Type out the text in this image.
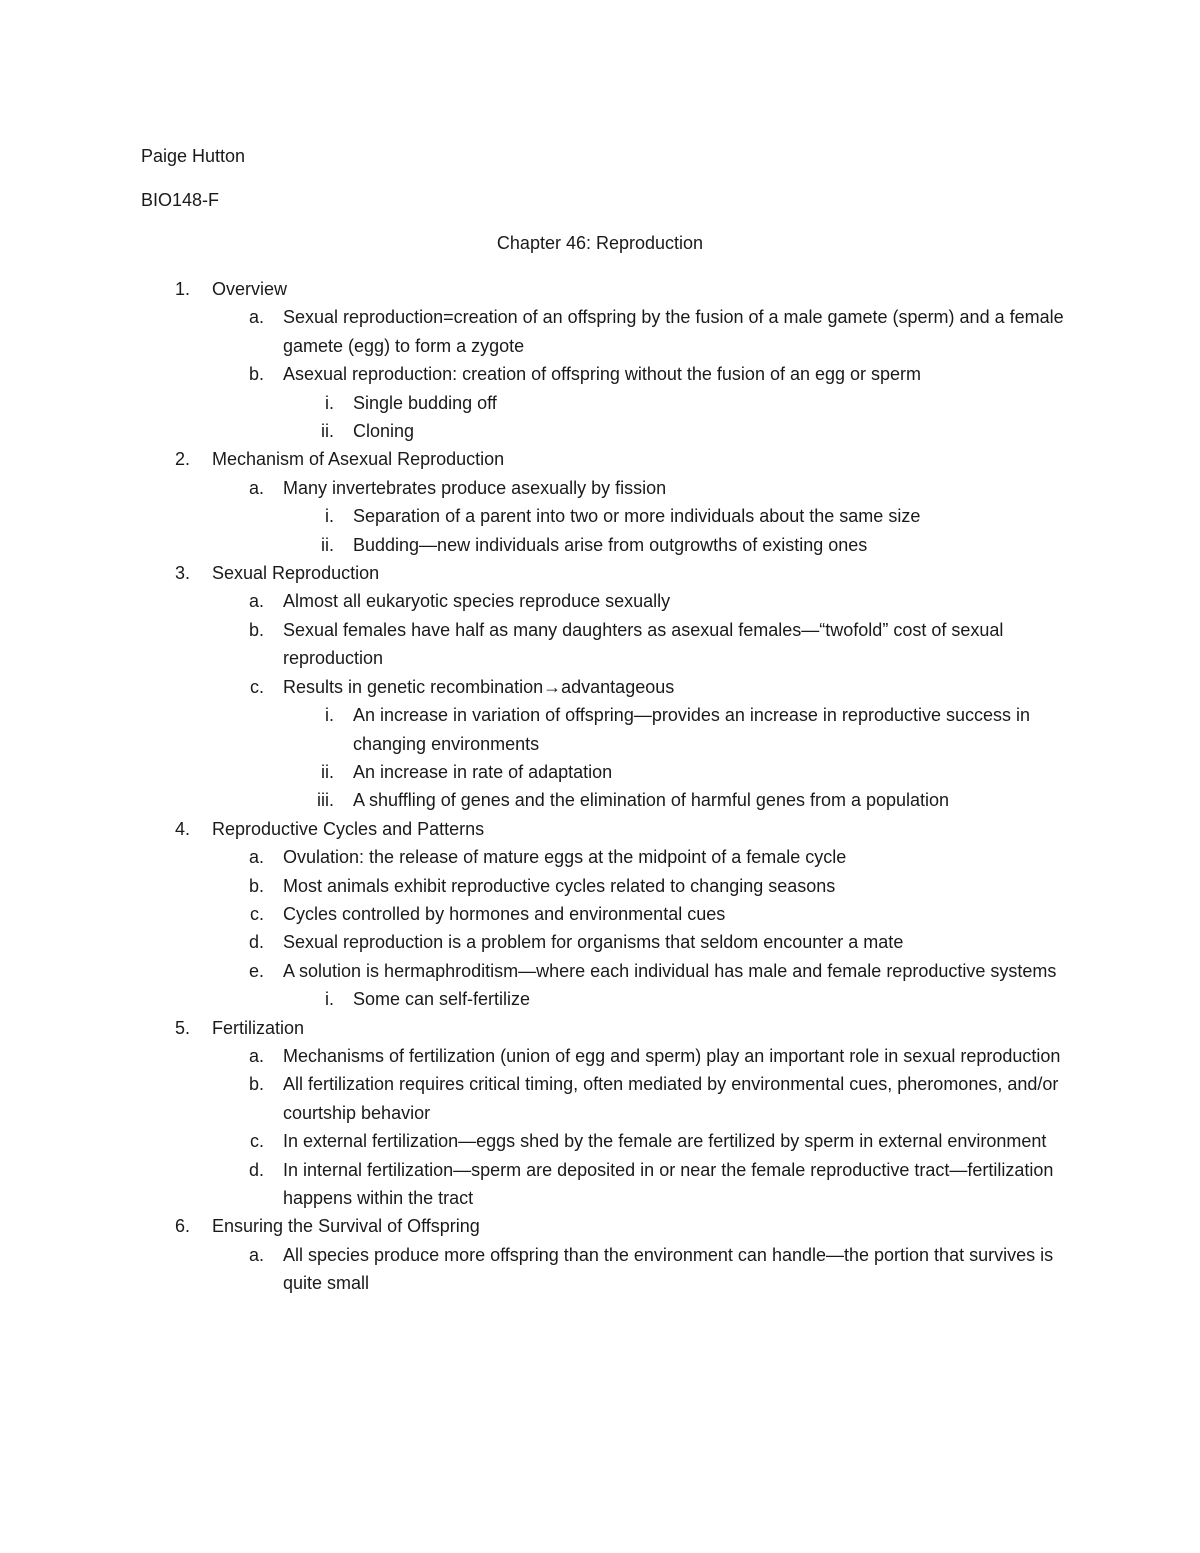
Paige Hutton
BIO148-F
Chapter 46: Reproduction
1. Overview
a. Sexual reproduction=creation of an offspring by the fusion of a male gamete (sperm) and a female gamete (egg) to form a zygote
b. Asexual reproduction: creation of offspring without the fusion of an egg or sperm
i. Single budding off
ii. Cloning
2. Mechanism of Asexual Reproduction
a. Many invertebrates produce asexually by fission
i. Separation of a parent into two or more individuals about the same size
ii. Budding—new individuals arise from outgrowths of existing ones
3. Sexual Reproduction
a. Almost all eukaryotic species reproduce sexually
b. Sexual females have half as many daughters as asexual females—“twofold” cost of sexual reproduction
c. Results in genetic recombination→advantageous
i. An increase in variation of offspring—provides an increase in reproductive success in changing environments
ii. An increase in rate of adaptation
iii. A shuffling of genes and the elimination of harmful genes from a population
4. Reproductive Cycles and Patterns
a. Ovulation: the release of mature eggs at the midpoint of a female cycle
b. Most animals exhibit reproductive cycles related to changing seasons
c. Cycles controlled by hormones and environmental cues
d. Sexual reproduction is a problem for organisms that seldom encounter a mate
e. A solution is hermaphroditism—where each individual has male and female reproductive systems
i. Some can self-fertilize
5. Fertilization
a. Mechanisms of fertilization (union of egg and sperm) play an important role in sexual reproduction
b. All fertilization requires critical timing, often mediated by environmental cues, pheromones, and/or courtship behavior
c. In external fertilization—eggs shed by the female are fertilized by sperm in external environment
d. In internal fertilization—sperm are deposited in or near the female reproductive tract—fertilization happens within the tract
6. Ensuring the Survival of Offspring
a. All species produce more offspring than the environment can handle—the portion that survives is quite small
